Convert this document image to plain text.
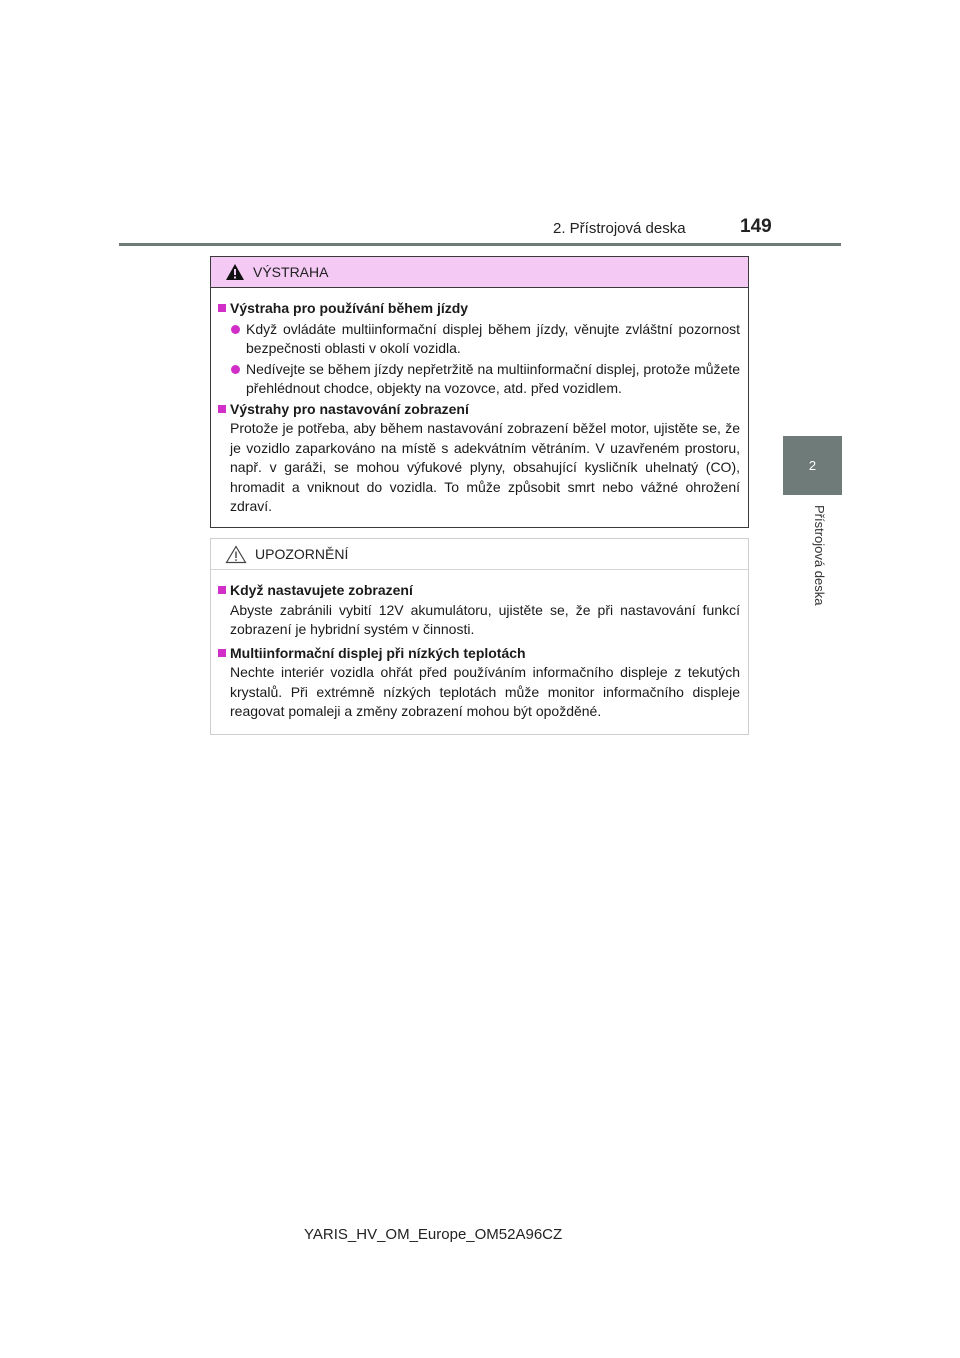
2. Přístrojová deska	149
2
Přístrojová deska
VÝSTRAHA
Výstraha pro používání během jízdy
Když ovládáte multiinformační displej během jízdy, věnujte zvláštní pozornost bezpečnosti oblasti v okolí vozidla.
Nedívejte se během jízdy nepřetržitě na multiinformační displej, protože můžete přehlédnout chodce, objekty na vozovce, atd. před vozidlem.
Výstrahy pro nastavování zobrazení
Protože je potřeba, aby během nastavování zobrazení běžel motor, ujistěte se, že je vozidlo zaparkováno na místě s adekvátním větráním. V uzavřeném prostoru, např. v garáži, se mohou výfukové plyny, obsahující kysličník uhelnatý (CO), hromadit a vniknout do vozidla. To může způsobit smrt nebo vážné ohrožení zdraví.
UPOZORNĚNÍ
Když nastavujete zobrazení
Abyste zabránili vybití 12V akumulátoru, ujistěte se, že při nastavování funkcí zobrazení je hybridní systém v činnosti.
Multiinformační displej při nízkých teplotách
Nechte interiér vozidla ohřát před používáním informačního displeje z tekutých krystalů. Při extrémně nízkých teplotách může monitor informačního displeje reagovat pomaleji a změny zobrazení mohou být opožděné.
YARIS_HV_OM_Europe_OM52A96CZ
